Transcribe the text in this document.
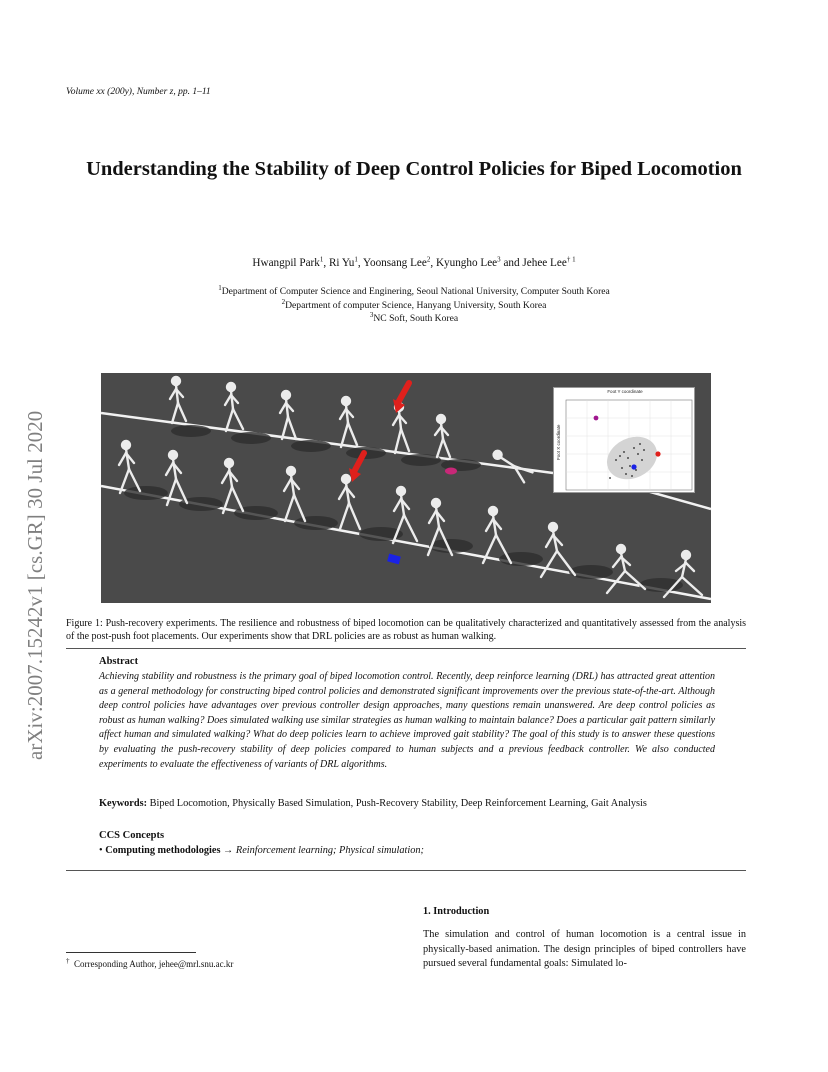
Volume xx (200y), Number z, pp. 1–11
Understanding the Stability of Deep Control Policies for Biped Locomotion
Hwangpil Park$^1$, Ri Yu$^1$, Yoonsang Lee$^2$, Kyungho Lee$^3$ and Jehee Lee$^{\dagger 1}$
$^1$Department of Computer Science and Enginering, Seoul National University, Computer South Korea
$^2$Department of computer Science, Hanyang University, South Korea
$^3$NC Soft, South Korea
arXiv:2007.15242v1 [cs.GR] 30 Jul 2020
Foot Y coordinate
Foot X coordinate
Figure 1: Push-recovery experiments. The resilience and robustness of biped locomotion can be qualitatively characterized and quantitatively assessed from the analysis of the post-push foot placements. Our experiments show that DRL policies are as robust as human walking.
Abstract
Achieving stability and robustness is the primary goal of biped locomotion control. Recently, deep reinforce learning (DRL) has attracted great attention as a general methodology for constructing biped control policies and demonstrated significant improvements over the previous state-of-the-art. Although deep control policies have advantages over previous controller design approaches, many questions remain unanswered. Are deep control policies as robust as human walking? Does simulated walking use similar strategies as human walking to maintain balance? Does a particular gait pattern similarly affect human and simulated walking? What do deep policies learn to achieve improved gait stability? The goal of this study is to answer these questions by evaluating the push-recovery stability of deep policies compared to human subjects and a previous feedback controller. We also conducted experiments to evaluate the effectiveness of variants of DRL algorithms.
Keywords: Biped Locomotion, Physically Based Simulation, Push-Recovery Stability, Deep Reinforcement Learning, Gait Analysis
CCS Concepts
• Computing methodologies → Reinforcement learning; Physical simulation;
1. Introduction
The simulation and control of human locomotion is a central issue in physically-based animation. The design principles of biped controllers have pursued several fundamental goals: Simulated lo-
† Corresponding Author, jehee@mrl.snu.ac.kr
